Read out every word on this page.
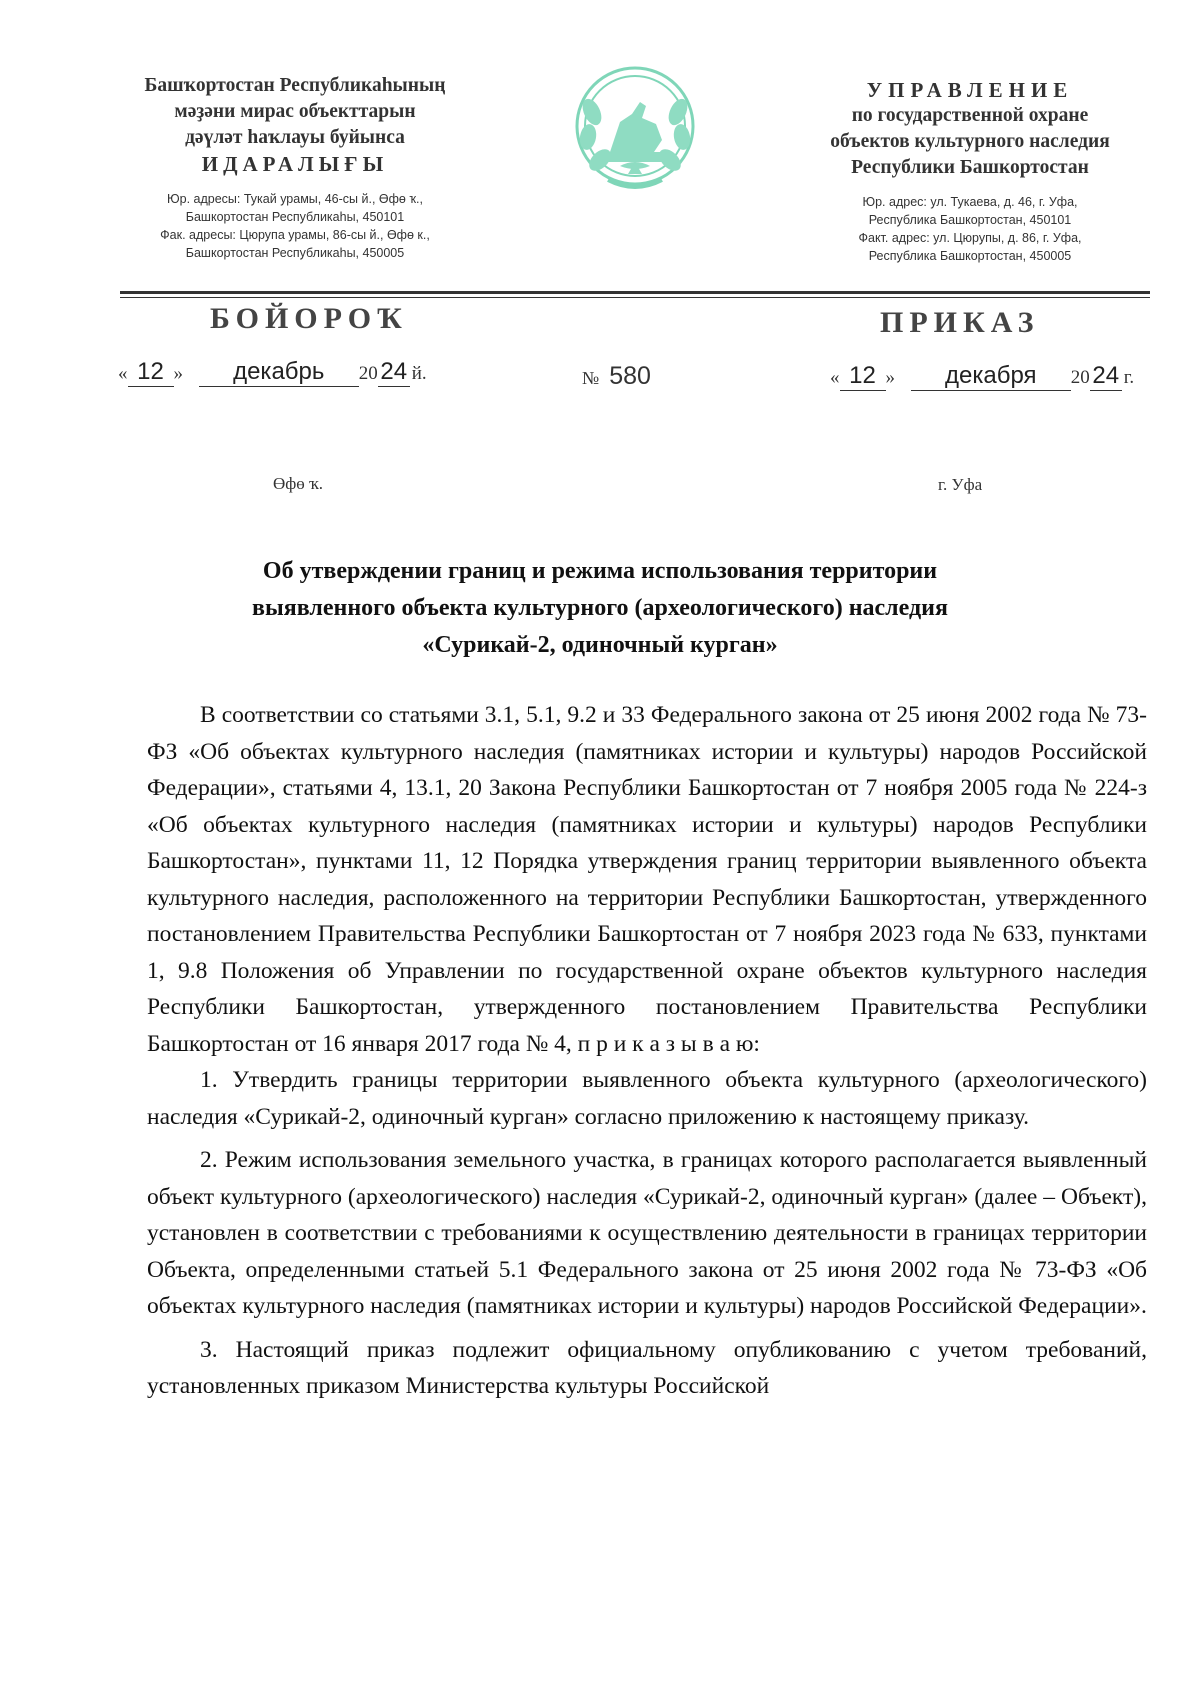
Башҡортостан Республикаһының
мәҙәни мирас объекттарын
дәүләт һаҡлауы буйынса
ИДАРАЛЫҒЫ
Юр. адресы: Тукай урамы, 46-сы й., Өфө ҡ.,
Башкортостан Республикаһы, 450101
Фак. адресы: Цюрупа урамы, 86-сы й., Өфө к.,
Башкортостан Республикаһы, 450005
УПРАВЛЕНИЕ
по государственной охране
объектов культурного наследия
Республики Башкортостан
Юр. адрес: ул. Тукаева, д. 46, г. Уфа,
Республика Башкортостан, 450101
Факт. адрес: ул. Цюрупы, д. 86, г. Уфа,
Республика Башкортостан, 450005
БОЙОРОҠ	ПРИКАЗ
« 12 » декабрь 20 24 й.	№ 580	« 12 » декабря 20 24 г.
Өфө ҡ.	г. Уфа
Об утверждении границ и режима использования территории
выявленного объекта культурного (археологического) наследия
«Сурикай-2, одиночный курган»

В соответствии со статьями 3.1, 5.1, 9.2 и 33 Федерального закона от 25 июня 2002 года № 73-ФЗ «Об объектах культурного наследия (памятниках истории и культуры) народов Российской Федерации», статьями 4, 13.1, 20 Закона Республики Башкортостан от 7 ноября 2005 года № 224-з «Об объектах культурного наследия (памятниках истории и культуры) народов Республики Башкортостан», пунктами 11, 12 Порядка утверждения границ территории выявленного объекта культурного наследия, расположенного на территории Республики Башкортостан, утвержденного постановлением Правительства Республики Башкортостан от 7 ноября 2023 года № 633, пунктами 1, 9.8 Положения об Управлении по государственной охране объектов культурного наследия Республики Башкортостан, утвержденного постановлением Правительства Республики Башкортостан от 16 января 2017 года № 4, п р и к а з ы в а ю:

1. Утвердить границы территории выявленного объекта культурного (археологического) наследия «Сурикай-2, одиночный курган» согласно приложению к настоящему приказу.

2. Режим использования земельного участка, в границах которого располагается выявленный объект культурного (археологического) наследия «Сурикай-2, одиночный курган» (далее – Объект), установлен в соответствии с требованиями к осуществлению деятельности в границах территории Объекта, определенными статьей 5.1 Федерального закона от 25 июня 2002 года № 73-ФЗ «Об объектах культурного наследия (памятниках истории и культуры) народов Российской Федерации».

3. Настоящий приказ подлежит официальному опубликованию с учетом требований, установленных приказом Министерства культуры Российской
